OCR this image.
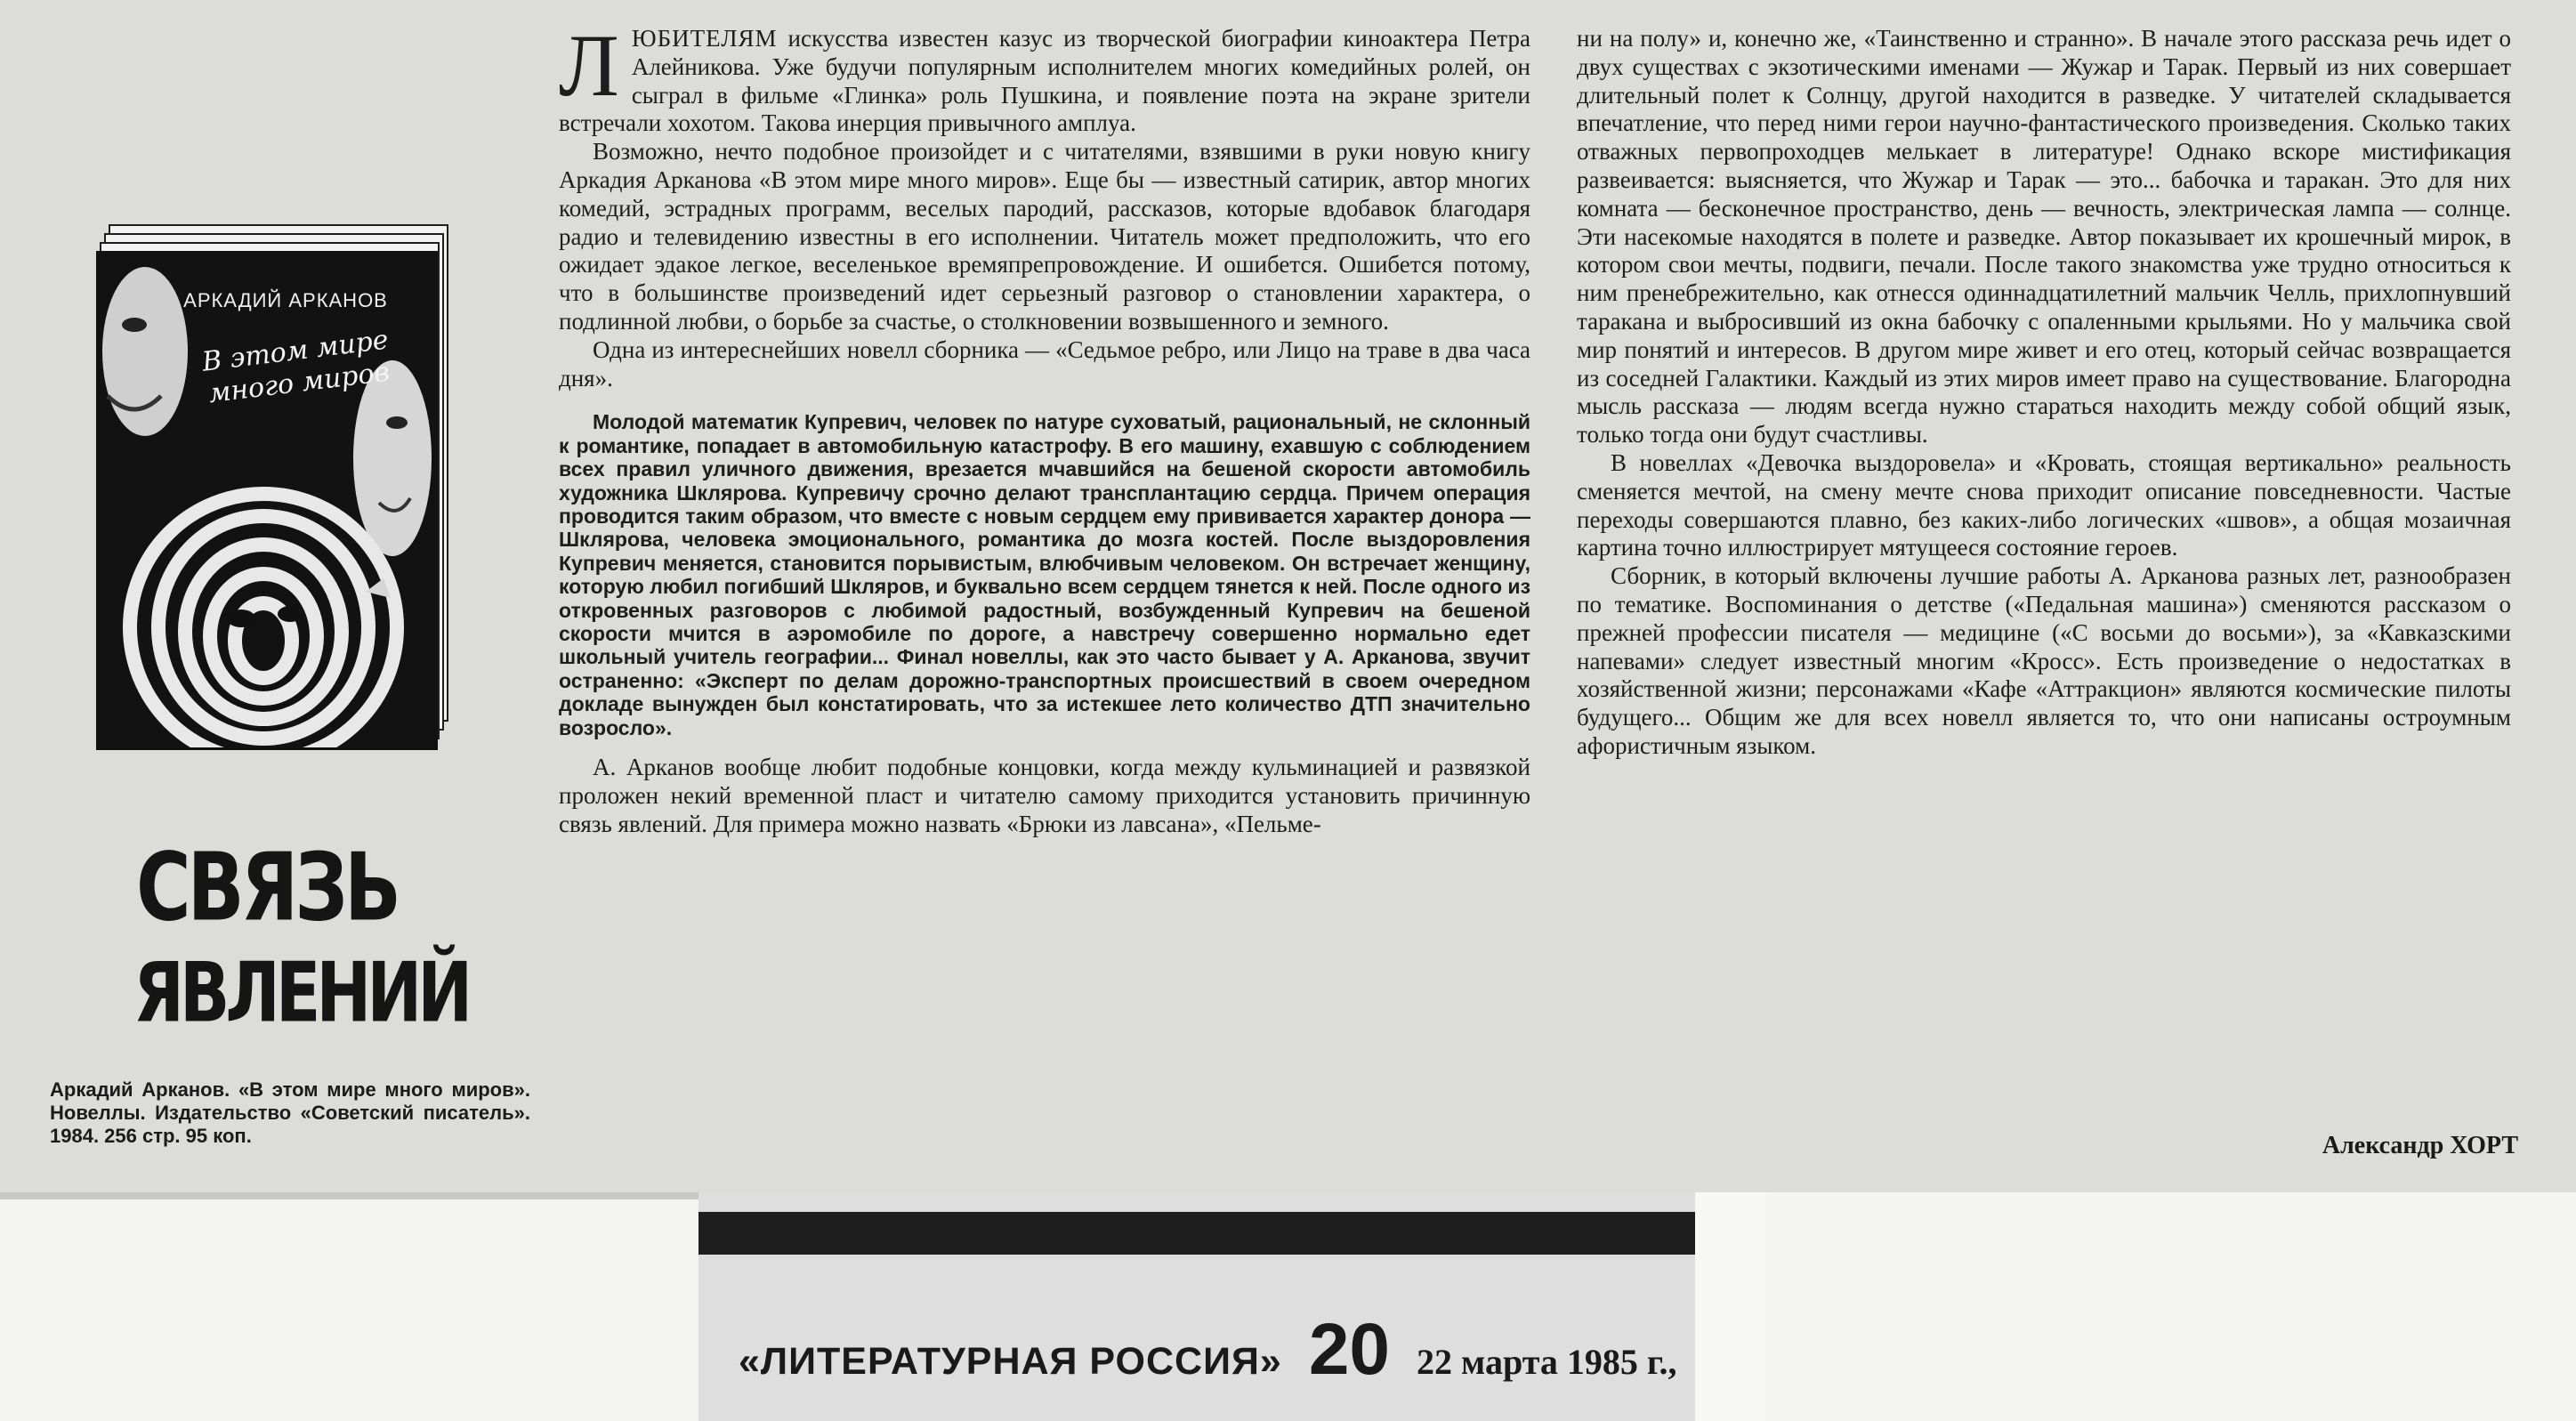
АРКАДИЙ АРКАНОВ
В этом мире много миров
СВЯЗЬ
ЯВЛЕНИЙ
Аркадий Арканов. «В этом мире много миров». Новеллы. Издательство «Советский писатель». 1984. 256 стр. 95 коп.

ЛЮБИТЕЛЯМ искусства известен казус из творческой биографии киноактера Петра Алейникова. Уже будучи популярным исполнителем многих комедийных ролей, он сыграл в фильме «Глинка» роль Пушкина, и появление поэта на экране зрители встречали хохотом. Такова инерция привычного амплуа.

Возможно, нечто подобное произойдет и с читателями, взявшими в руки новую книгу Аркадия Арканова «В этом мире много миров». Еще бы — известный сатирик, автор многих комедий, эстрадных программ, веселых пародий, рассказов, которые вдобавок благодаря радио и телевидению известны в его исполнении. Читатель может предположить, что его ожидает эдакое легкое, веселенькое времяпрепровождение. И ошибется. Ошибется потому, что в большинстве произведений идет серьезный разговор о становлении характера, о подлинной любви, о борьбе за счастье, о столкновении возвышенного и земного.

Одна из интереснейших новелл сборника — «Седьмое ребро, или Лицо на траве в два часа дня».

Молодой математик Купревич, человек по натуре суховатый, рациональный, не склонный к романтике, попадает в автомобильную катастрофу. В его машину, ехавшую с соблюдением всех правил уличного движения, врезается мчавшийся на бешеной скорости автомобиль художника Шклярова. Купревичу срочно делают трансплантацию сердца. Причем операция проводится таким образом, что вместе с новым сердцем ему прививается характер донора — Шклярова, человека эмоционального, романтика до мозга костей. После выздоровления Купревич меняется, становится порывистым, влюбчивым человеком. Он встречает женщину, которую любил погибший Шкляров, и буквально всем сердцем тянется к ней. После одного из откровенных разговоров с любимой радостный, возбужденный Купревич на бешеной скорости мчится в аэромобиле по дороге, а навстречу совершенно нормально едет школьный учитель географии... Финал новеллы, как это часто бывает у А. Арканова, звучит остраненно: «Эксперт по делам дорожно-транспортных происшествий в своем очередном докладе вынужден был констатировать, что за истекшее лето количество ДТП значительно возросло».

А. Арканов вообще любит подобные концовки, когда между кульминацией и развязкой проложен некий временной пласт и читателю самому приходится установить причинную связь явлений. Для примера можно назвать «Брюки из лавсана», «Пельме-

ни на полу» и, конечно же, «Таинственно и странно». В начале этого рассказа речь идет о двух существах с экзотическими именами — Жужар и Тарак. Первый из них совершает длительный полет к Солнцу, другой находится в разведке. У читателей складывается впечатление, что перед ними герои научно-фантастического произведения. Сколько таких отважных первопроходцев мелькает в литературе! Однако вскоре мистификация развеивается: выясняется, что Жужар и Тарак — это... бабочка и таракан. Это для них комната — бесконечное пространство, день — вечность, электрическая лампа — солнце. Эти насекомые находятся в полете и разведке. Автор показывает их крошечный мирок, в котором свои мечты, подвиги, печали. После такого знакомства уже трудно относиться к ним пренебрежительно, как отнесся одиннадцатилетний мальчик Челль, прихлопнувший таракана и выбросивший из окна бабочку с опаленными крыльями. Но у мальчика свой мир понятий и интересов. В другом мире живет и его отец, который сейчас возвращается из соседней Галактики. Каждый из этих миров имеет право на существование. Благородна мысль рассказа — людям всегда нужно стараться находить между собой общий язык, только тогда они будут счастливы.

В новеллах «Девочка выздоровела» и «Кровать, стоящая вертикально» реальность сменяется мечтой, на смену мечте снова приходит описание повседневности. Частые переходы совершаются плавно, без каких-либо логических «швов», а общая мозаичная картина точно иллюстрирует мятущееся состояние героев.

Сборник, в который включены лучшие работы А. Арканова разных лет, разнообразен по тематике. Воспоминания о детстве («Педальная машина») сменяются рассказом о прежней профессии писателя — медицине («С восьми до восьми»), за «Кавказскими напевами» следует известный многим «Кросс». Есть произведение о недостатках в хозяйственной жизни; персонажами «Кафе «Аттракцион» являются космические пилоты будущего... Общим же для всех новелл является то, что они написаны остроумным афористичным языком.

Александр ХОРТ
«ЛИТЕРАТУРНАЯ РОССИЯ» 20 22 марта 1985 г.,
